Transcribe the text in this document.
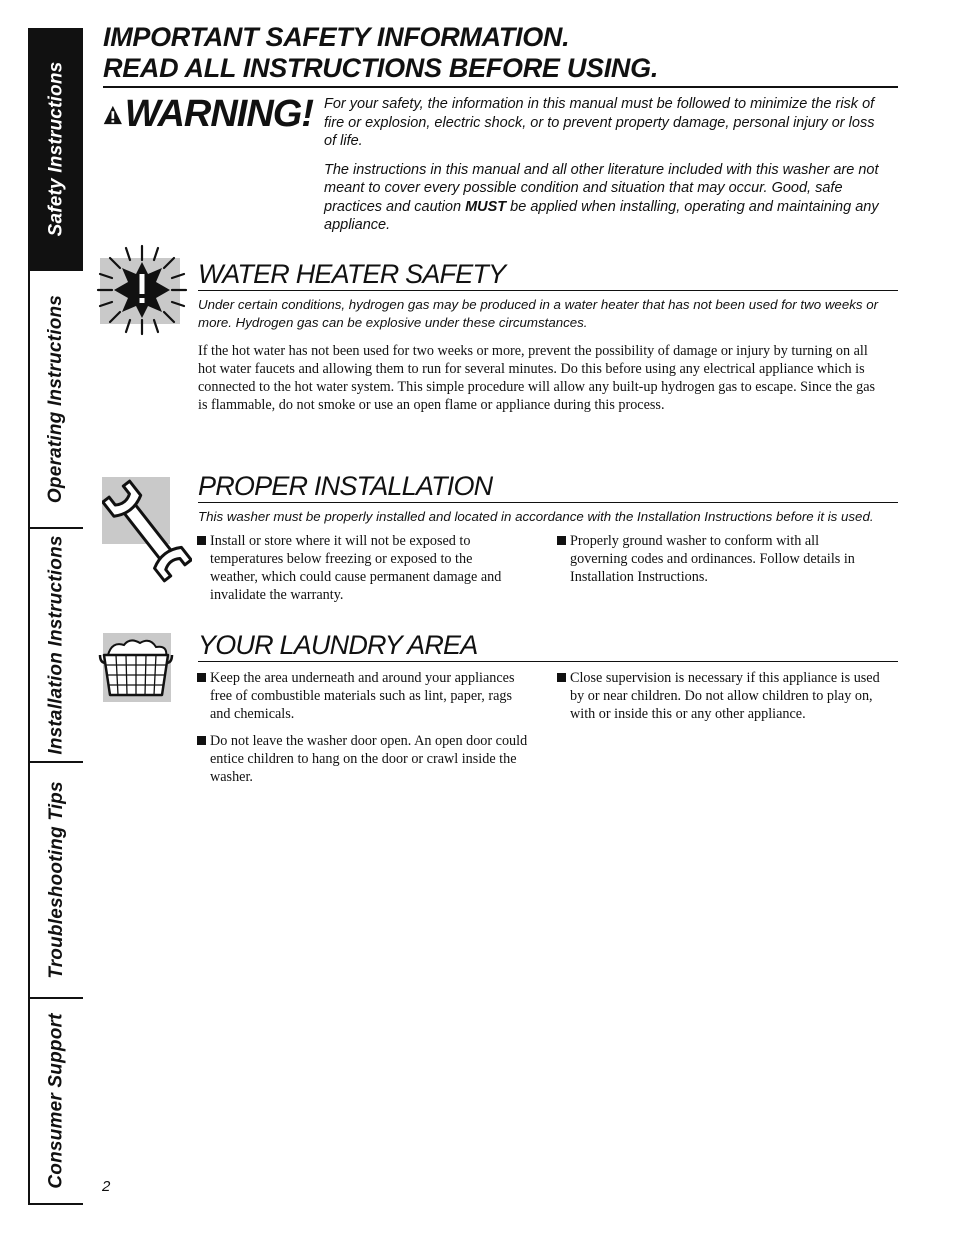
Safety Instructions
Operating Instructions
Installation Instructions
Troubleshooting Tips
Consumer Support
IMPORTANT SAFETY INFORMATION.
READ ALL INSTRUCTIONS BEFORE USING.
WARNING! For your safety, the information in this manual must be followed to minimize the risk of fire or explosion, electric shock, or to prevent property damage, personal injury or loss of life.

The instructions in this manual and all other literature included with this washer are not meant to cover every possible condition and situation that may occur. Good, safe practices and caution MUST be applied when installing, operating and maintaining any appliance.

WATER HEATER SAFETY
Under certain conditions, hydrogen gas may be produced in a water heater that has not been used for two weeks or more. Hydrogen gas can be explosive under these circumstances.
If the hot water has not been used for two weeks or more, prevent the possibility of damage or injury by turning on all hot water faucets and allowing them to run for several minutes. Do this before using any electrical appliance which is connected to the hot water system. This simple procedure will allow any built-up hydrogen gas to escape. Since the gas is flammable, do not smoke or use an open flame or appliance during this process.
PROPER INSTALLATION
This washer must be properly installed and located in accordance with the Installation Instructions before it is used.
Install or store where it will not be exposed to temperatures below freezing or exposed to the weather, which could cause permanent damage and invalidate the warranty.
Properly ground washer to conform with all governing codes and ordinances. Follow details in Installation Instructions.
YOUR LAUNDRY AREA
Keep the area underneath and around your appliances free of combustible materials such as lint, paper, rags and chemicals.
Do not leave the washer door open. An open door could entice children to hang on the door or crawl inside the washer.
Close supervision is necessary if this appliance is used by or near children. Do not allow children to play on, with or inside this or any other appliance.
2
